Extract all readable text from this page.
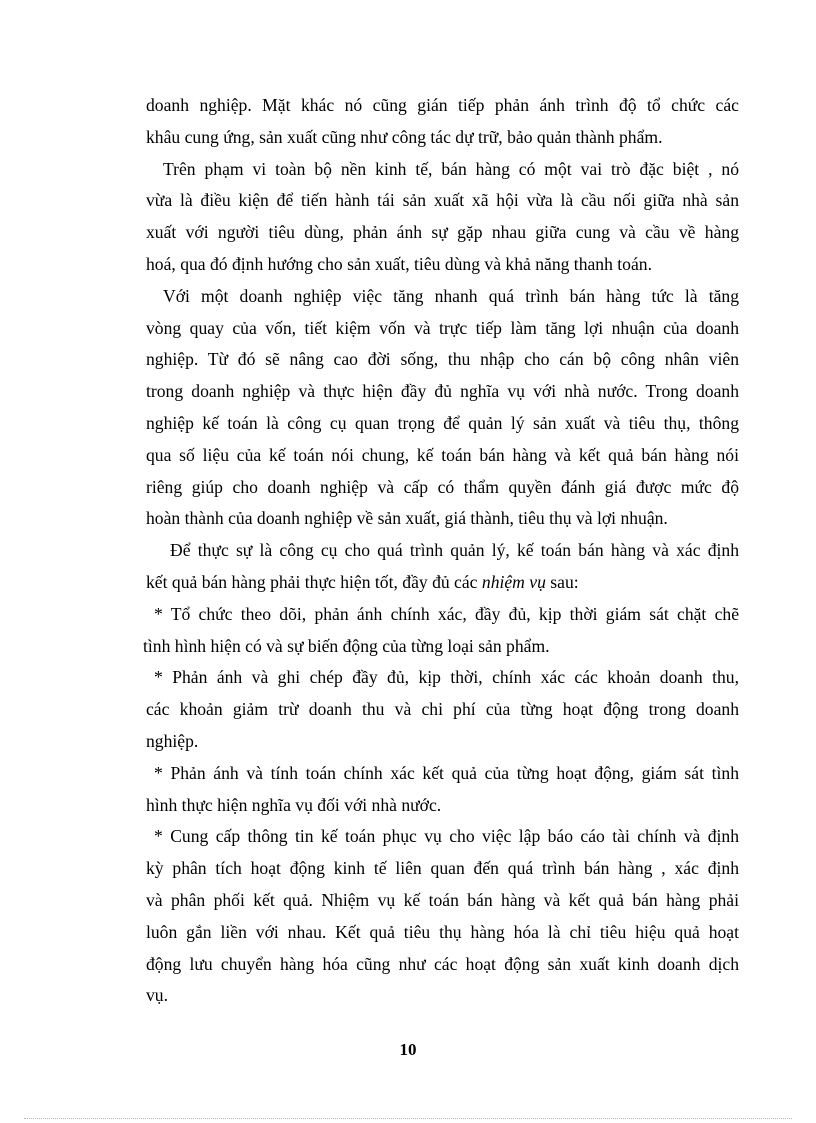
doanh nghiệp. Mặt khác nó cũng gián tiếp phản ánh trình độ tổ chức các
khâu cung ứng, sản xuất cũng như công tác dự trữ, bảo quản thành phẩm.
Trên phạm vi toàn bộ nền kinh tế, bán hàng có một vai trò đặc biệt , nó
vừa là điều kiện để tiến hành tái sản xuất xã hội vừa là cầu nối giữa nhà sản
xuất với người tiêu dùng, phản ánh sự gặp nhau giữa cung và cầu về hàng
hoá, qua đó định hướng cho sản xuất, tiêu dùng và khả năng thanh toán.
Với một doanh nghiệp việc tăng nhanh quá trình bán hàng tức là tăng
vòng quay của vốn, tiết kiệm vốn và trực tiếp làm tăng lợi nhuận của doanh
nghiệp. Từ đó sẽ nâng cao đời sống, thu nhập cho cán bộ công nhân viên
trong doanh nghiệp và thực hiện đầy đủ nghĩa vụ với nhà nước. Trong doanh
nghiệp kế toán là công cụ quan trọng để quản lý sản xuất và tiêu thụ, thông
qua số liệu của kế toán nói chung, kế toán bán hàng và kết quả bán hàng nói
riêng giúp cho doanh nghiệp và cấp có thẩm quyền đánh giá được mức độ
hoàn thành của doanh nghiệp về sản xuất, giá thành, tiêu thụ và lợi nhuận.
Để thực sự là công cụ cho quá trình quản lý, kế toán bán hàng và xác định
kết quả bán hàng phải thực hiện tốt, đầy đủ các nhiệm vụ sau:
* Tổ chức theo dõi, phản ánh chính xác, đầy đủ, kịp thời giám sát chặt chẽ
tình hình hiện có và sự biến động của từng loại sản phẩm.
* Phản ánh và ghi chép đầy đủ, kịp thời, chính xác các khoản doanh thu,
các khoản giảm trừ doanh thu và chi phí của từng hoạt động trong doanh
nghiệp.
* Phản ánh và tính toán chính xác kết quả của từng hoạt động, giám sát tình
hình thực hiện nghĩa vụ đối với nhà nước.
* Cung cấp thông tin kế toán phục vụ cho việc lập báo cáo tài chính và định
kỳ phân tích hoạt động kinh tế liên quan đến quá trình bán hàng , xác định
và phân phối kết quả. Nhiệm vụ kế toán bán hàng và kết quả bán hàng phải
luôn gắn liền với nhau. Kết quả tiêu thụ hàng hóa là chỉ tiêu hiệu quả hoạt
động lưu chuyển hàng hóa cũng như các hoạt động sản xuất kinh doanh dịch
vụ.
10
